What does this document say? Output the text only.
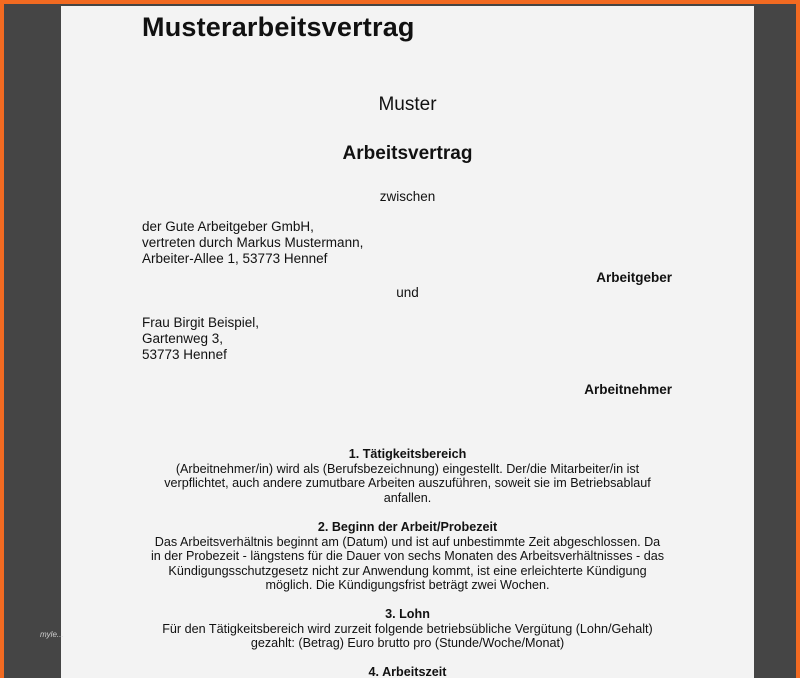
Musterarbeitsvertrag
Muster
Arbeitsvertrag
zwischen
der Gute Arbeitgeber GmbH,
vertreten durch Markus Mustermann,
Arbeiter-Allee 1, 53773 Hennef
Arbeitgeber
und
Frau Birgit Beispiel,
Gartenweg 3,
53773 Hennef
Arbeitnehmer
1. Tätigkeitsbereich
(Arbeitnehmer/in) wird als (Berufsbezeichnung) eingestellt. Der/die Mitarbeiter/in ist
verpflichtet, auch andere zumutbare Arbeiten auszuführen, soweit sie im Betriebsablauf
anfallen.
2. Beginn der Arbeit/Probezeit
Das Arbeitsverhältnis beginnt am (Datum) und ist auf unbestimmte Zeit abgeschlossen. Da
in der Probezeit - längstens für die Dauer von sechs Monaten des Arbeitsverhältnisses - das
Kündigungsschutzgesetz nicht zur Anwendung kommt, ist eine erleichterte Kündigung
möglich. Die Kündigungsfrist beträgt zwei Wochen.
3. Lohn
Für den Tätigkeitsbereich wird zurzeit folgende betriebsübliche Vergütung (Lohn/Gehalt)
gezahlt: (Betrag) Euro brutto pro (Stunde/Woche/Monat)
4. Arbeitszeit
myle...
